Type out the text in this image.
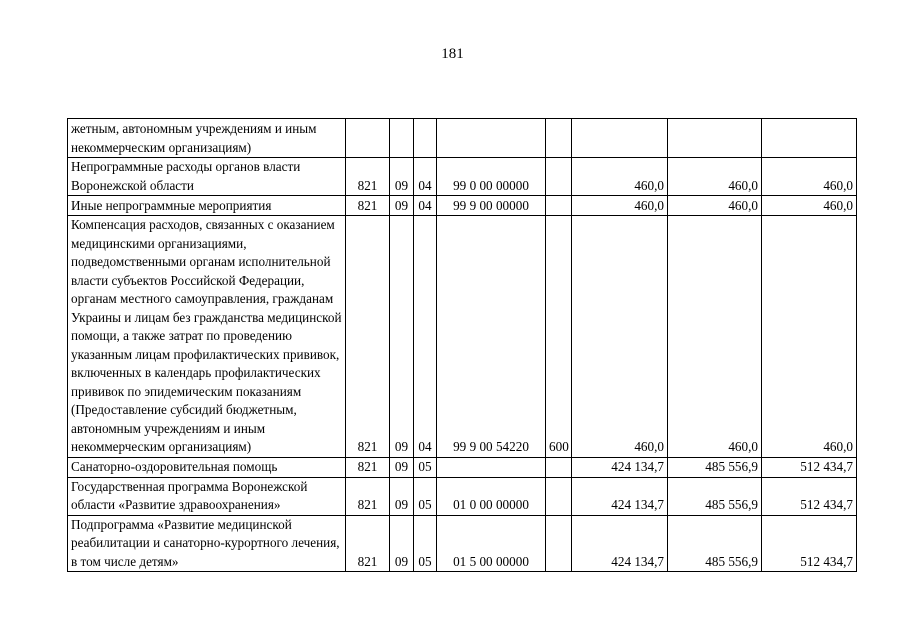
181
жетным, автономным учреждениям и иным некоммерческим организациям)								
Непрограммные расходы органов власти Воронежской области	821	09	04	99 0 00 00000		460,0	460,0	460,0
Иные непрограммные мероприятия	821	09	04	99 9 00 00000		460,0	460,0	460,0
Компенсация расходов, связанных с оказанием медицинскими организациями, подведомственными органам исполнительной власти субъектов Российской Федерации, органам местного самоуправления, гражданам Украины и лицам без гражданства медицинской помощи, а также затрат по проведению указанным лицам профилактических прививок, включенных в календарь профилактических прививок по эпидемическим показаниям (Предоставление субсидий бюджетным, автономным учреждениям и иным некоммерческим организациям)	821	09	04	99 9 00 54220	600	460,0	460,0	460,0
Санаторно-оздоровительная помощь	821	09	05			424 134,7	485 556,9	512 434,7
Государственная программа Воронежской области «Развитие здравоохранения»	821	09	05	01 0 00 00000		424 134,7	485 556,9	512 434,7
Подпрограмма «Развитие медицинской реабилитации и санаторно-курортного лечения, в том числе детям»	821	09	05	01 5 00 00000		424 134,7	485 556,9	512 434,7
